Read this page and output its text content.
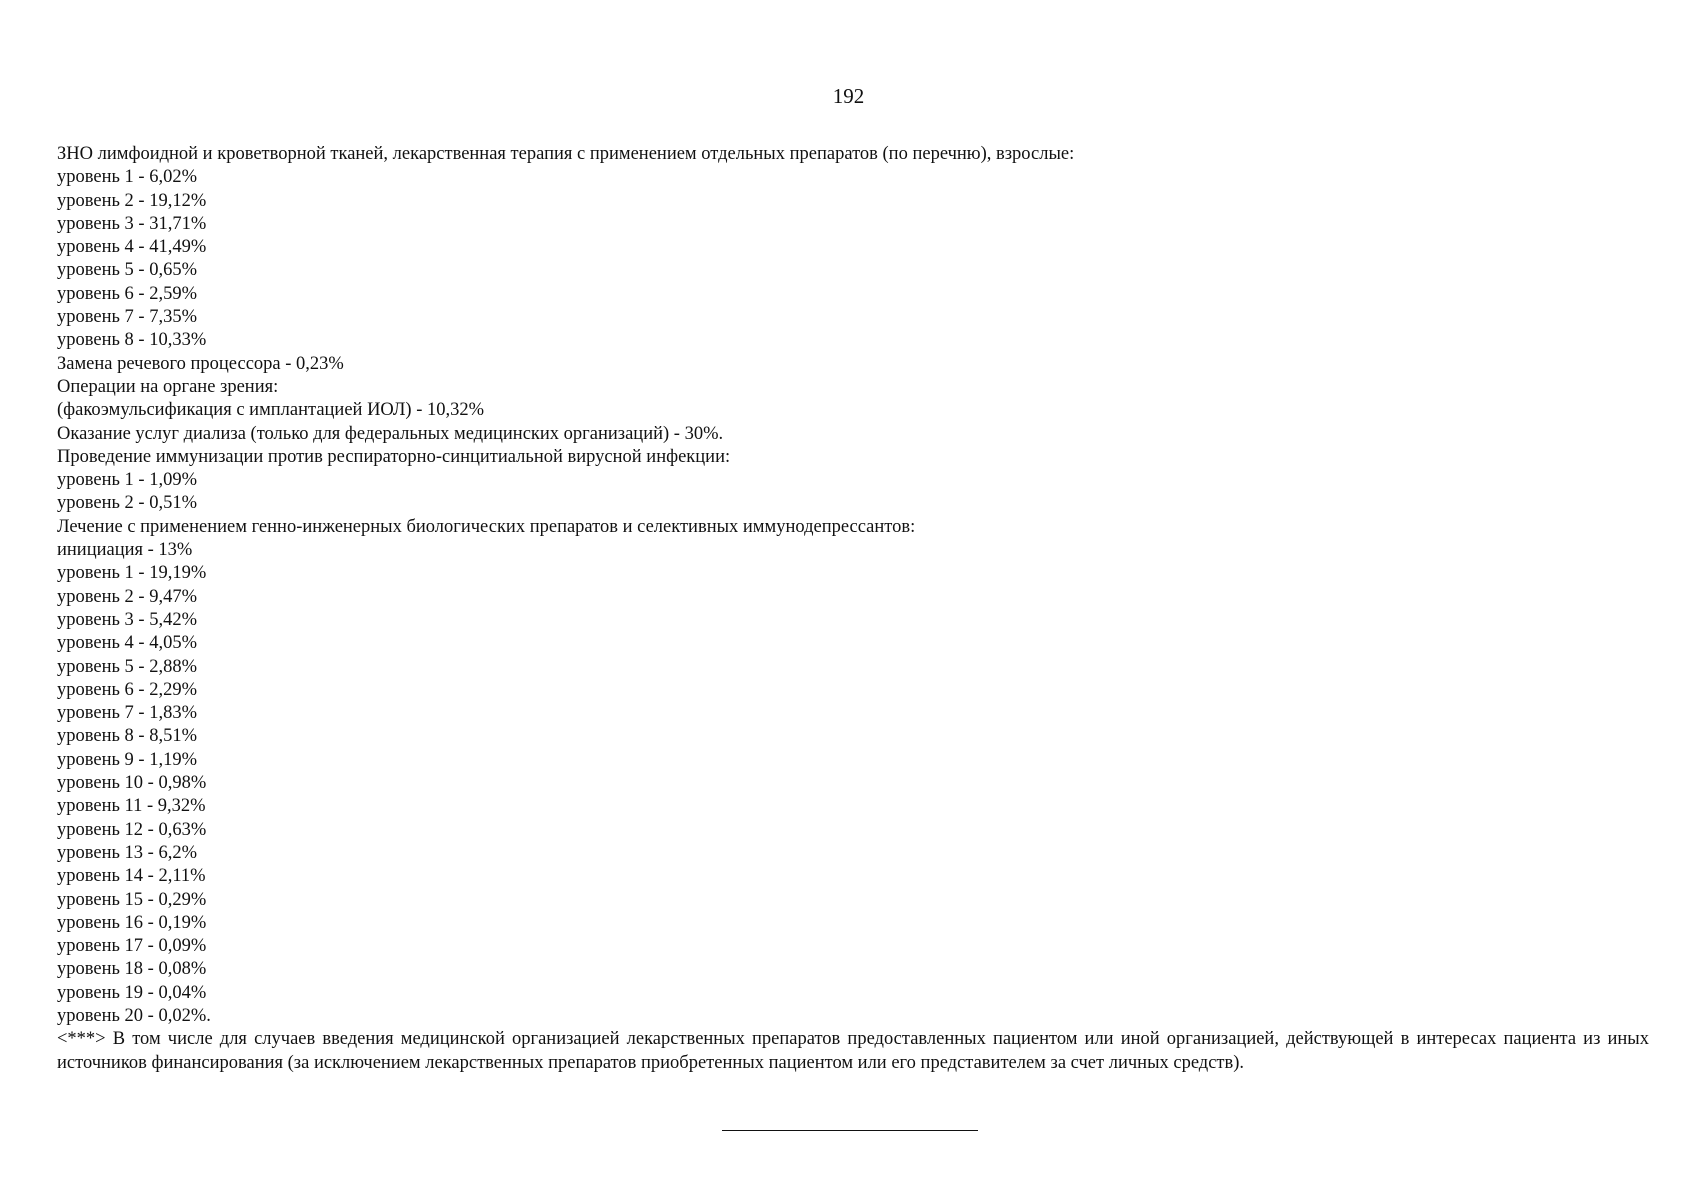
192
ЗНО лимфоидной и кроветворной тканей, лекарственная терапия с применением отдельных препаратов (по перечню), взрослые:
уровень 1 - 6,02%
уровень 2 - 19,12%
уровень 3 - 31,71%
уровень 4 - 41,49%
уровень 5 - 0,65%
уровень 6 - 2,59%
уровень 7 - 7,35%
уровень 8 - 10,33%
Замена речевого процессора - 0,23%
Операции на органе зрения:
(факоэмульсификация с имплантацией ИОЛ) - 10,32%
Оказание услуг диализа (только для федеральных медицинских организаций) - 30%.
Проведение иммунизации против респираторно-синцитиальной вирусной инфекции:
уровень 1 - 1,09%
уровень 2 - 0,51%
Лечение с применением генно-инженерных биологических препаратов и селективных иммунодепрессантов:
инициация - 13%
уровень 1 - 19,19%
уровень 2 - 9,47%
уровень 3 - 5,42%
уровень 4 - 4,05%
уровень 5 - 2,88%
уровень 6 - 2,29%
уровень 7 - 1,83%
уровень 8 - 8,51%
уровень 9 - 1,19%
уровень 10 - 0,98%
уровень 11 - 9,32%
уровень 12 - 0,63%
уровень 13 - 6,2%
уровень 14 - 2,11%
уровень 15 - 0,29%
уровень 16 - 0,19%
уровень 17 - 0,09%
уровень 18 - 0,08%
уровень 19 - 0,04%
уровень 20 - 0,02%.
<***> В том числе для случаев введения медицинской организацией лекарственных препаратов предоставленных пациентом или иной организацией, действующей в интересах пациента из иных источников финансирования (за исключением лекарственных препаратов приобретенных пациентом или его представителем за счет личных средств).
